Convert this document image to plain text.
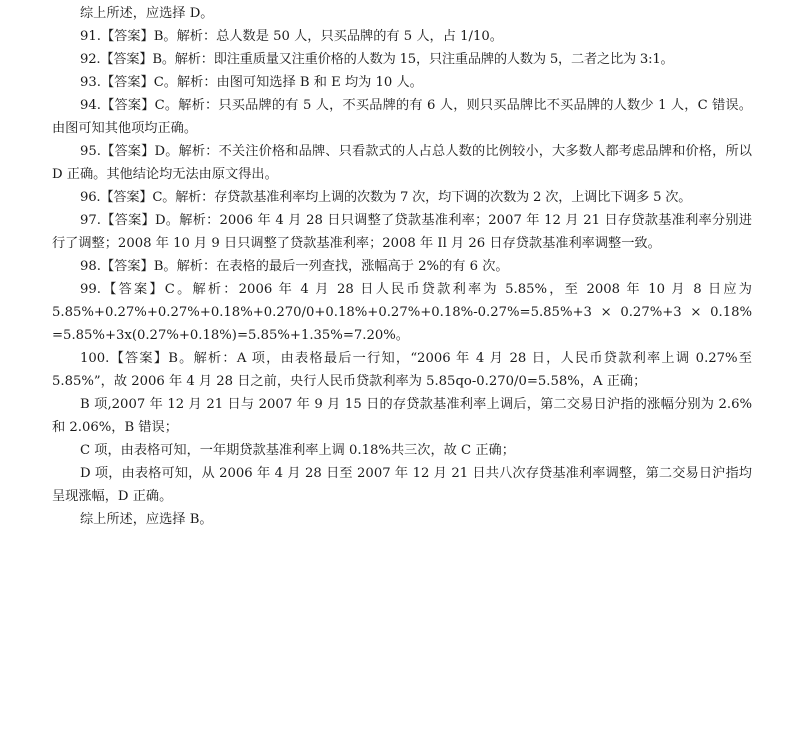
综上所述，应选择 D。

91.【答案】B。解析：总人数是 50 人，只买品牌的有 5 人，占 1/10。

92.【答案】B。解析：即注重质量又注重价格的人数为 15，只注重品牌的人数为 5，二者之比为 3:1。

93.【答案】C。解析：由图可知选择 B 和 E 均为 10 人。

94.【答案】C。解析：只买品牌的有 5 人，不买品牌的有 6 人，则只买品牌比不买品牌的人数少 1 人，C 错误。由图可知其他项均正确。

95.【答案】D。解析：不关注价格和品牌、只看款式的人占总人数的比例较小，大多数人都考虑品牌和价格，所以 D 正确。其他结论均无法由原文得出。

96.【答案】C。解析：存贷款基准利率均上调的次数为 7 次，均下调的次数为 2 次，上调比下调多 5 次。

97.【答案】D。解析：2006 年 4 月 28 日只调整了贷款基准利率；2007 年 12 月 21 日存贷款基准利率分别进行了调整；2008 年 10 月 9 日只调整了贷款基准利率；2008 年 Il 月 26 日存贷款基准利率调整一致。

98.【答案】B。解析：在表格的最后一列查找，涨幅高于 2%的有 6 次。

99.【答案】C。解析：2006 年 4 月 28 日人民币贷款利率为 5.85%，至 2008 年 10 月 8 日应为 5.85%+0.27%+0.27%+0.18%+0.270/0+0.18%+0.27%+0.18%-0.27%=5.85%+3 × 0.27%+3 × 0.18% =5.85%+3x(0.27%+0.18%)=5.85%+1.35%=7.20%。

100.【答案】B。解析：A 项，由表格最后一行知，“2006 年 4 月 28 日，人民币贷款利率上调 0.27%至 5.85%”，故 2006 年 4 月 28 日之前，央行人民币贷款利率为 5.85qo-0.270/0=5.58%，A 正确；

B 项,2007 年 12 月 21 日与 2007 年 9 月 15 日的存贷款基准利率上调后，第二交易日沪指的涨幅分别为 2.6%和 2.06%，B 错误；

C 项，由表格可知，一年期贷款基准利率上调 0.18%共三次，故 C 正确；

D 项，由表格可知，从 2006 年 4 月 28 日至 2007 年 12 月 21 日共八次存贷基准利率调整，第二交易日沪指均呈现涨幅，D 正确。

综上所述，应选择 B。
